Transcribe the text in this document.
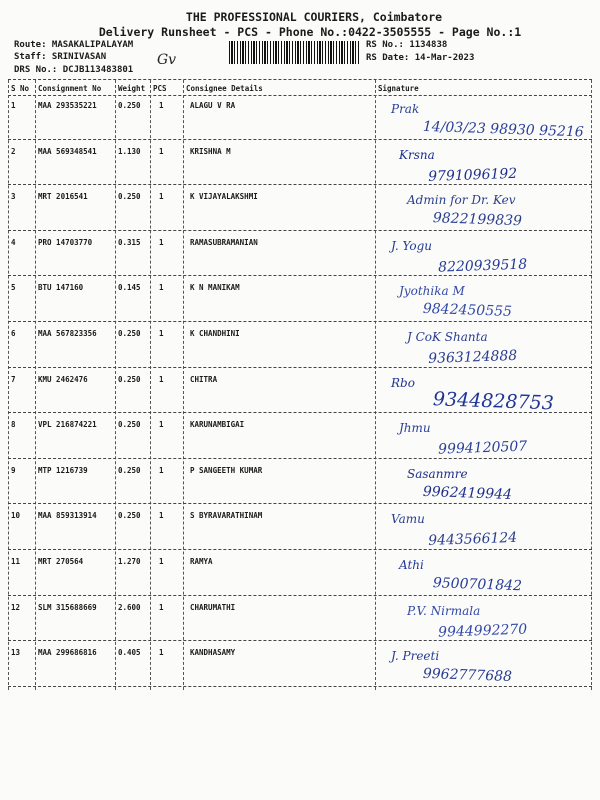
THE PROFESSIONAL COURIERS, Coimbatore
Delivery Runsheet - PCS - Phone No.:0422-3505555 - Page No.:1
Route: MASAKALIPALAYAM
Staff: SRINIVASAN
DRS No.: DCJB113483801
Gv
RS No.: 1134838
RS Date: 14-Mar-2023
S No Consignment No Weight PCS	Consignee Details	Signature
1	MAA 293535221	0.250 1	ALAGU V RA	Prak
14/03/23 98930 95216
2	MAA 569348541	1.130 1	KRISHNA M	Krsna
9791096192
3	MRT 2016541	0.250 1	K VIJAYALAKSHMI	Admin for Dr. Kev
9822199839
4	PRO 14703770	0.315 1	RAMASUBRAMANIAN	J. Yogu
8220939518
5	BTU 147160	0.145 1	K N MANIKAM	Jyothika M
9842450555
6	MAA 567823356	0.250 1	K CHANDHINI	J CoK Shanta
9363124888
7	KMU 2462476	0.250 1	CHITRA	Rbo
9344828753
8	VPL 216874221	0.250 1	KARUNAMBIGAI	Jhmu
9994120507
9	MTP 1216739	0.250 1	P SANGEETH KUMAR	Sasanmre
9962419944
10 MAA 859313914	0.250 1	S BYRAVARATHINAM	Vamu
9443566124
11 MRT 270564	1.270 1	RAMYA	Athi
9500701842
12 SLM 315688669	2.600 1	CHARUMATHI	P.V. Nirmala
9944992270
13 MAA 299686816	0.405 1	KANDHASAMY	J. Preeti
9962777688
